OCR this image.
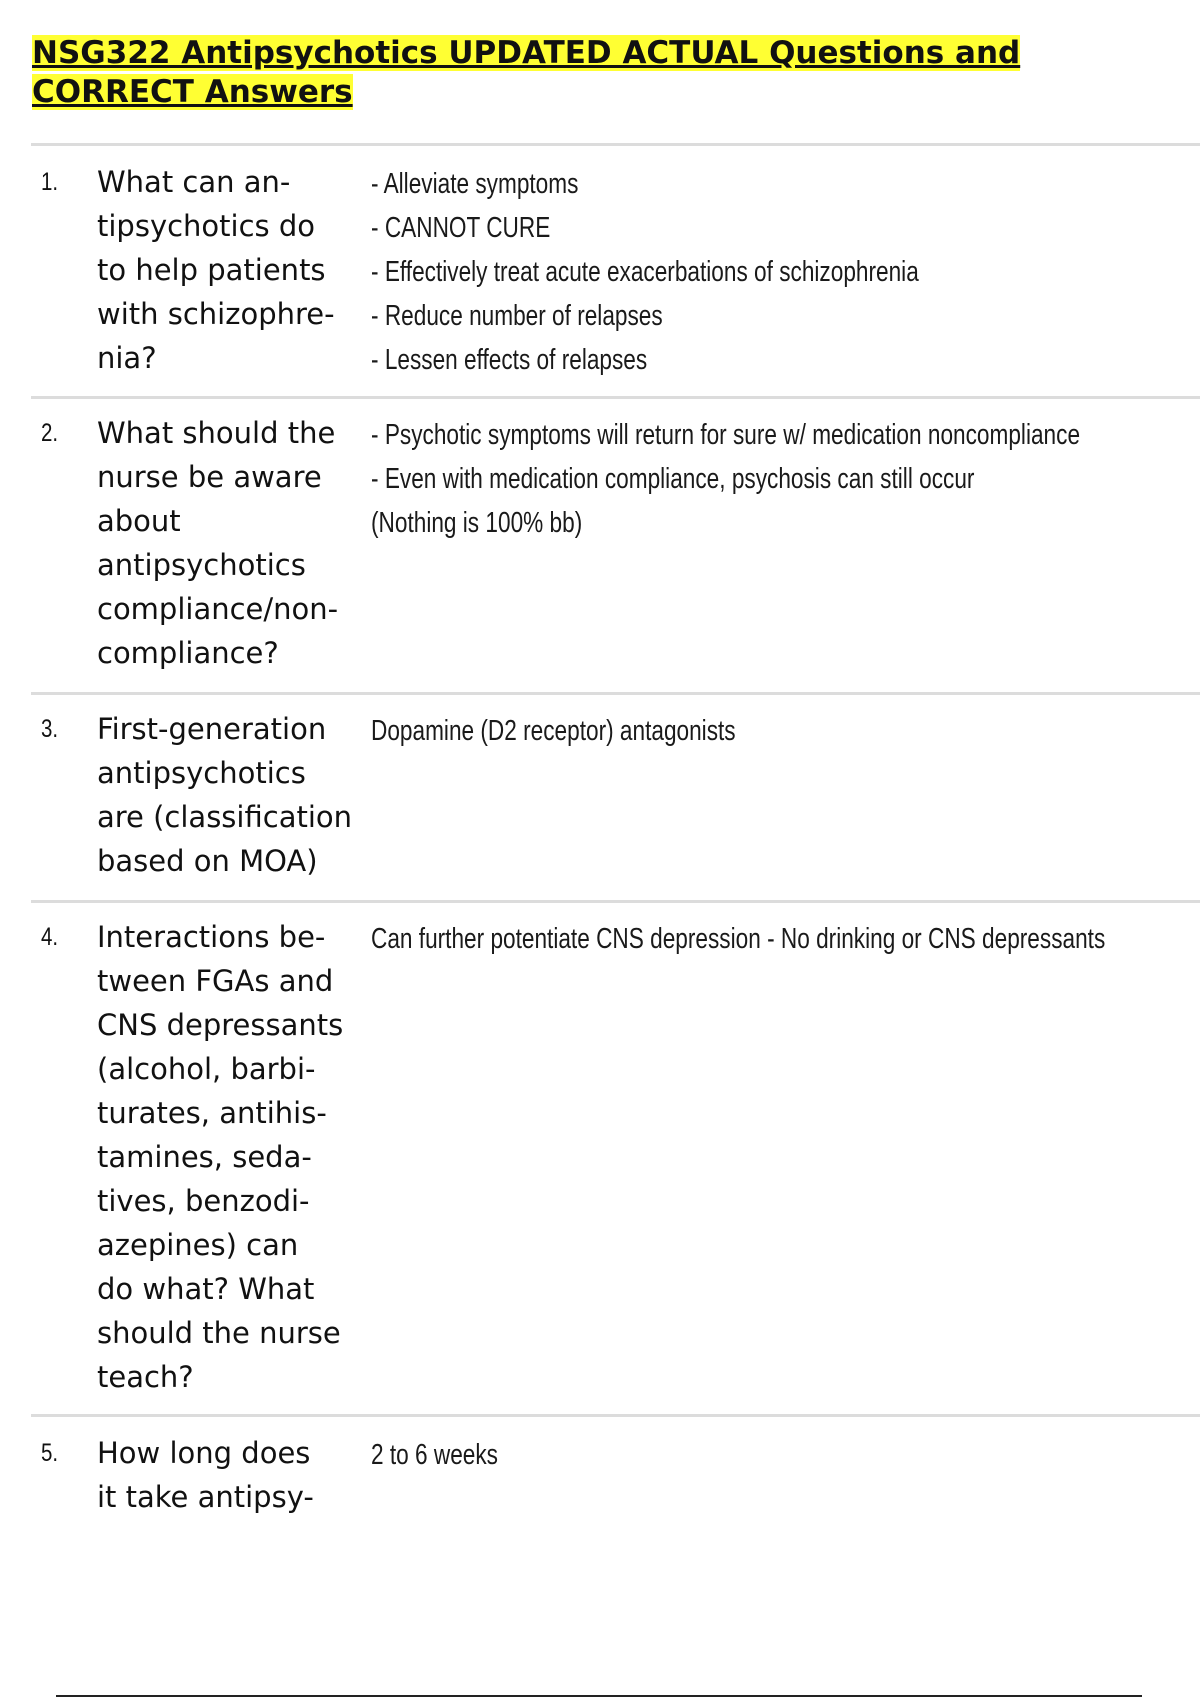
NSG322 Antipsychotics UPDATED ACTUAL Questions and CORRECT Answers
1. What can an-
tipsychotics do
to help patients
with schizophre-
nia?
- Alleviate symptoms
- CANNOT CURE
- Effectively treat acute exacerbations of schizophrenia
- Reduce number of relapses
- Lessen effects of relapses
2. What should the
nurse be aware
about
antipsychotics
compliance/non-
compliance?
- Psychotic symptoms will return for sure w/ medication noncompliance
- Even with medication compliance, psychosis can still occur
(Nothing is 100% bb)
3. First-generation
antipsychotics
are (classification
based on MOA)
Dopamine (D2 receptor) antagonists
4. Interactions be-
tween FGAs and
CNS depressants
(alcohol, barbi-
turates, antihis-
tamines, seda-
tives, benzodi-
azepines) can
do what? What
should the nurse
teach?
Can further potentiate CNS depression - No drinking or CNS depressants
5. How long does
it take antipsy-
2 to 6 weeks
